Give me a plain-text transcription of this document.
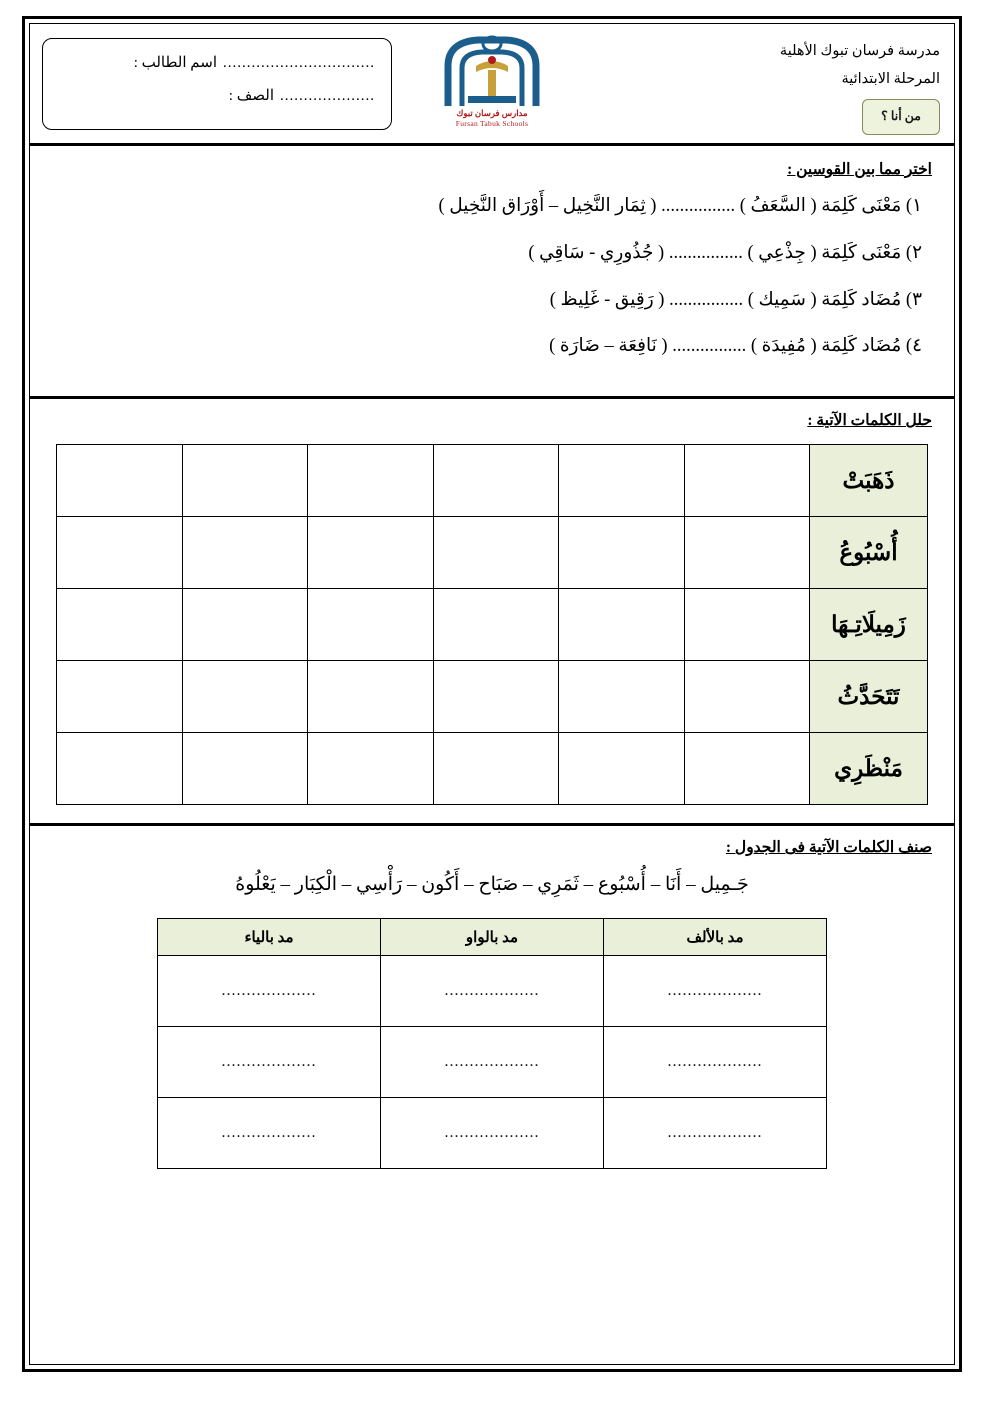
................................
اسم الطالب :
....................
الصف :
مدارس فرسان تبوك
Fursan Tabuk Schools
مدرسة فرسان تبوك الأهلية
المرحلة الابتدائية
من أنا ؟
اختر مما بين القوسين :
١) مَعْنَى كَلِمَة ( السَّعَفُ ) ................ ( ثِمَار النَّخِيل – أَوْرَاق النَّخِيل )
٢) مَعْنَى كَلِمَة ( جِذْعِي ) ................ ( جُذُورِي - سَاقِي )
٣) مُضَاد كَلِمَة ( سَمِيك ) ................ ( رَقِيق - غَلِيظ )
٤) مُضَاد كَلِمَة ( مُفِيدَة ) ................ ( نَافِعَة – ضَارَة )
حلل الكلمات الآتية :
ذَهَبَتْ						
أُسْبُوعُ						
زَمِيلَاتِـهَا						
تَتَحَدَّثُ						
مَنْظَرِي						
صنف الكلمات الآتية فى الجدول :
جَـمِيل – أَنَا – أُسْبُوع – ثَمَرِي – صَبَاح – أَكُون – رَأْسِي – الْكِبَار – يَعْلُوهُ
مد بالألف	مد بالواو	مد بالياء
...................	...................	...................
...................	...................	...................
...................	...................	...................
